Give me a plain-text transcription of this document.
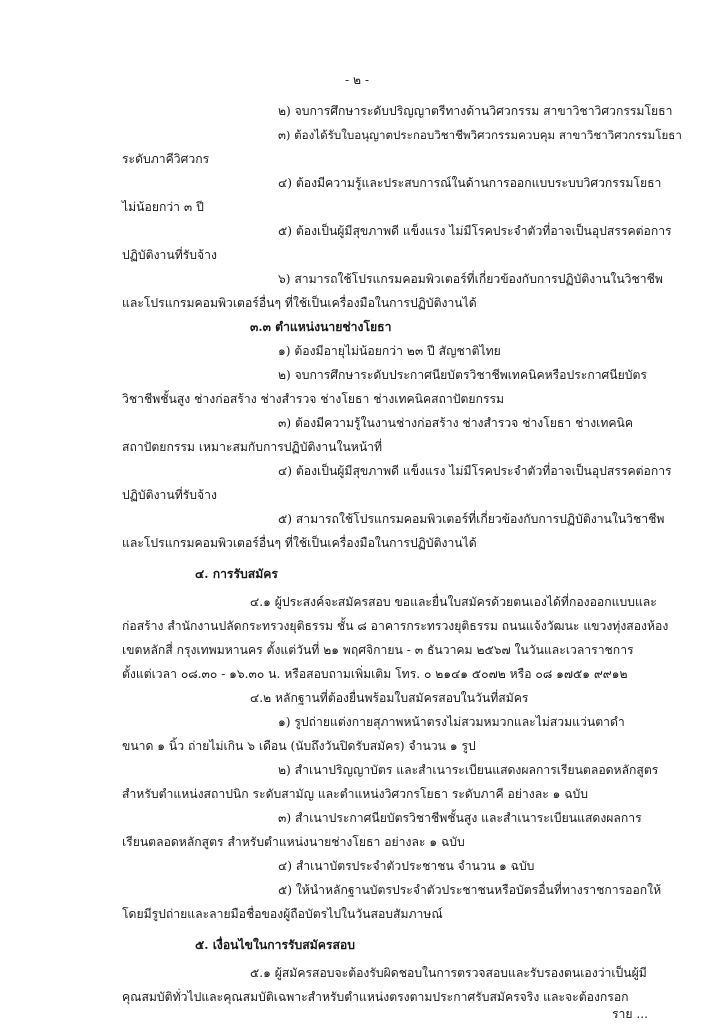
- ๒ -
๒) จบการศึกษาระดับปริญญาตรีทางด้านวิศวกรรม สาขาวิชาวิศวกรรมโยธา
๓) ต้องได้รับใบอนุญาตประกอบวิชาชีพวิศวกรรมควบคุม สาขาวิชาวิศวกรรมโยธา
ระดับภาคีวิศวกร
๔) ต้องมีความรู้และประสบการณ์ในด้านการออกแบบระบบวิศวกรรมโยธา
ไม่น้อยกว่า ๓ ปี
๕) ต้องเป็นผู้มีสุขภาพดี แข็งแรง ไม่มีโรคประจำตัวที่อาจเป็นอุปสรรคต่อการ
ปฏิบัติงานที่รับจ้าง
๖) สามารถใช้โปรแกรมคอมพิวเตอร์ที่เกี่ยวข้องกับการปฏิบัติงานในวิชาชีพ
และโปรแกรมคอมพิวเตอร์อื่นๆ ที่ใช้เป็นเครื่องมือในการปฏิบัติงานได้
๓.๓ ตำแหน่งนายช่างโยธา
๑) ต้องมีอายุไม่น้อยกว่า ๒๓ ปี สัญชาติไทย
๒) จบการศึกษาระดับประกาศนียบัตรวิชาชีพเทคนิคหรือประกาศนียบัตร
วิชาชีพชั้นสูง ช่างก่อสร้าง ช่างสำรวจ ช่างโยธา ช่างเทคนิคสถาปัตยกรรม
๓) ต้องมีความรู้ในงานช่างก่อสร้าง ช่างสำรวจ ช่างโยธา ช่างเทคนิค
สถาปัตยกรรม เหมาะสมกับการปฏิบัติงานในหน้าที่
๔) ต้องเป็นผู้มีสุขภาพดี แข็งแรง ไม่มีโรคประจำตัวที่อาจเป็นอุปสรรคต่อการ
ปฏิบัติงานที่รับจ้าง
๕) สามารถใช้โปรแกรมคอมพิวเตอร์ที่เกี่ยวข้องกับการปฏิบัติงานในวิชาชีพ
และโปรแกรมคอมพิวเตอร์อื่นๆ ที่ใช้เป็นเครื่องมือในการปฏิบัติงานได้
๔. การรับสมัคร
๔.๑ ผู้ประสงค์จะสมัครสอบ ขอและยื่นใบสมัครด้วยตนเองได้ที่กองออกแบบและ
ก่อสร้าง สำนักงานปลัดกระทรวงยุติธรรม ชั้น ๘ อาคารกระทรวงยุติธรรม ถนนแจ้งวัฒนะ แขวงทุ่งสองห้อง
เขตหลักสี่ กรุงเทพมหานคร ตั้งแต่วันที่ ๒๑ พฤศจิกายน - ๓ ธันวาคม ๒๕๖๗ ในวันและเวลาราชการ
ตั้งแต่เวลา ๐๘.๓๐ - ๑๖.๓๐ น. หรือสอบถามเพิ่มเติม โทร. ๐ ๒๑๔๑ ๕๐๗๒ หรือ ๐๘ ๑๗๕๑ ๙๙๑๒
๔.๒ หลักฐานที่ต้องยื่นพร้อมใบสมัครสอบในวันที่สมัคร
๑) รูปถ่ายแต่งกายสุภาพหน้าตรงไม่สวมหมวกและไม่สวมแว่นตาดำ
ขนาด ๑ นิ้ว ถ่ายไม่เกิน ๖ เดือน (นับถึงวันปิดรับสมัคร) จำนวน ๑ รูป
๒) สำเนาปริญญาบัตร และสำเนาระเบียนแสดงผลการเรียนตลอดหลักสูตร
สำหรับตำแหน่งสถาปนิก ระดับสามัญ และตำแหน่งวิศวกรโยธา ระดับภาคี อย่างละ ๑ ฉบับ
๓) สำเนาประกาศนียบัตรวิชาชีพชั้นสูง และสำเนาระเบียนแสดงผลการ
เรียนตลอดหลักสูตร สำหรับตำแหน่งนายช่างโยธา อย่างละ ๑ ฉบับ
๔) สำเนาบัตรประจำตัวประชาชน จำนวน ๑ ฉบับ
๕) ให้นำหลักฐานบัตรประจำตัวประชาชนหรือบัตรอื่นที่ทางราชการออกให้
โดยมีรูปถ่ายและลายมือชื่อของผู้ถือบัตรไปในวันสอบสัมภาษณ์
๕. เงื่อนไขในการรับสมัครสอบ
๕.๑ ผู้สมัครสอบจะต้องรับผิดชอบในการตรวจสอบและรับรองตนเองว่าเป็นผู้มี
คุณสมบัติทั่วไปและคุณสมบัติเฉพาะสำหรับตำแหน่งตรงตามประกาศรับสมัครจริง และจะต้องกรอก
ราย ...
